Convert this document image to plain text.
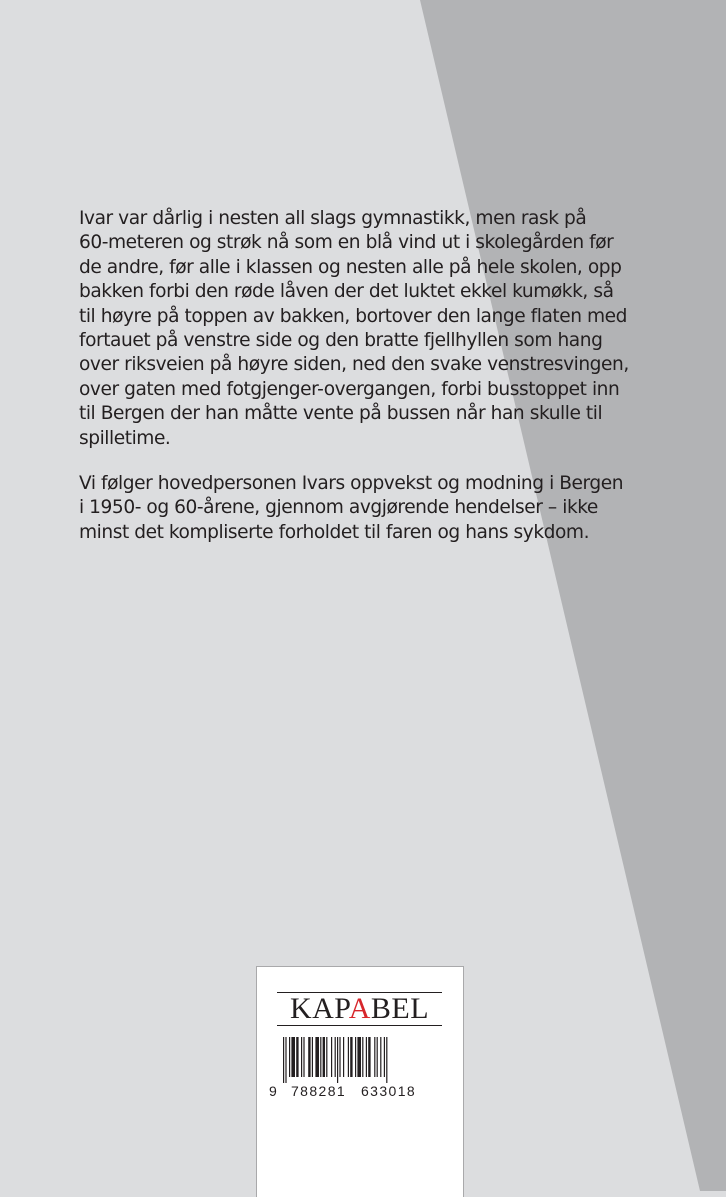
Ivar var dårlig i nesten all slags gymnastikk, men rask på
60-meteren og strøk nå som en blå vind ut i skolegården før
de andre, før alle i klassen og nesten alle på hele skolen, opp
bakken forbi den røde låven der det luktet ekkel kumøkk, så
til høyre på toppen av bakken, bortover den lange flaten med
fortauet på venstre side og den bratte fjellhyllen som hang
over riksveien på høyre siden, ned den svake venstresvingen,
over gaten med fotgjenger-overgangen, forbi busstoppet inn
til Bergen der han måtte vente på bussen når han skulle til
spilletime.
Vi følger hovedpersonen Ivars oppvekst og modning i Bergen
i 1950- og 60-årene, gjennom avgjørende hendelser – ikke
minst det kompliserte forholdet til faren og hans sykdom.
KAPABEL
9 788281 633018
